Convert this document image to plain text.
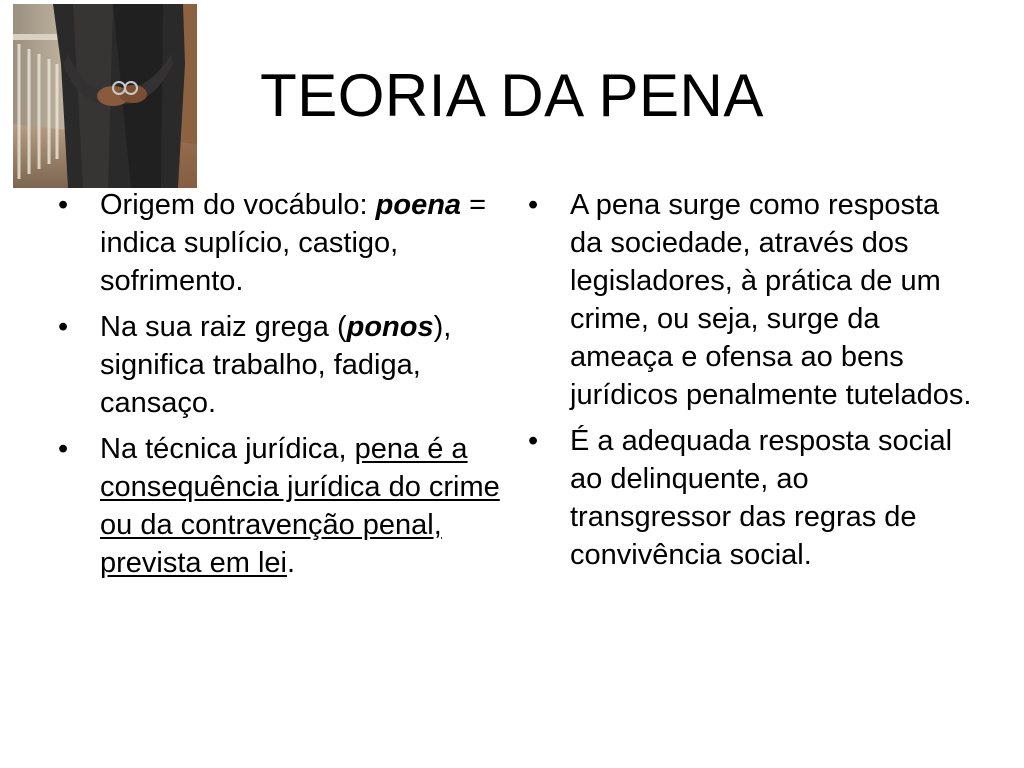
TEORIA DA PENA
• Origem do vocábulo: poena = indica suplício, castigo, sofrimento.
• Na sua raiz grega (ponos), significa trabalho, fadiga, cansaço.
• Na técnica jurídica, pena é a consequência jurídica do crime ou da contravenção penal, prevista em lei.
• A pena surge como resposta da sociedade, através dos legisladores, à prática de um crime, ou seja, surge da ameaça e ofensa ao bens jurídicos penalmente tutelados.
• É a adequada resposta social ao delinquente, ao transgressor das regras de convivência social.
